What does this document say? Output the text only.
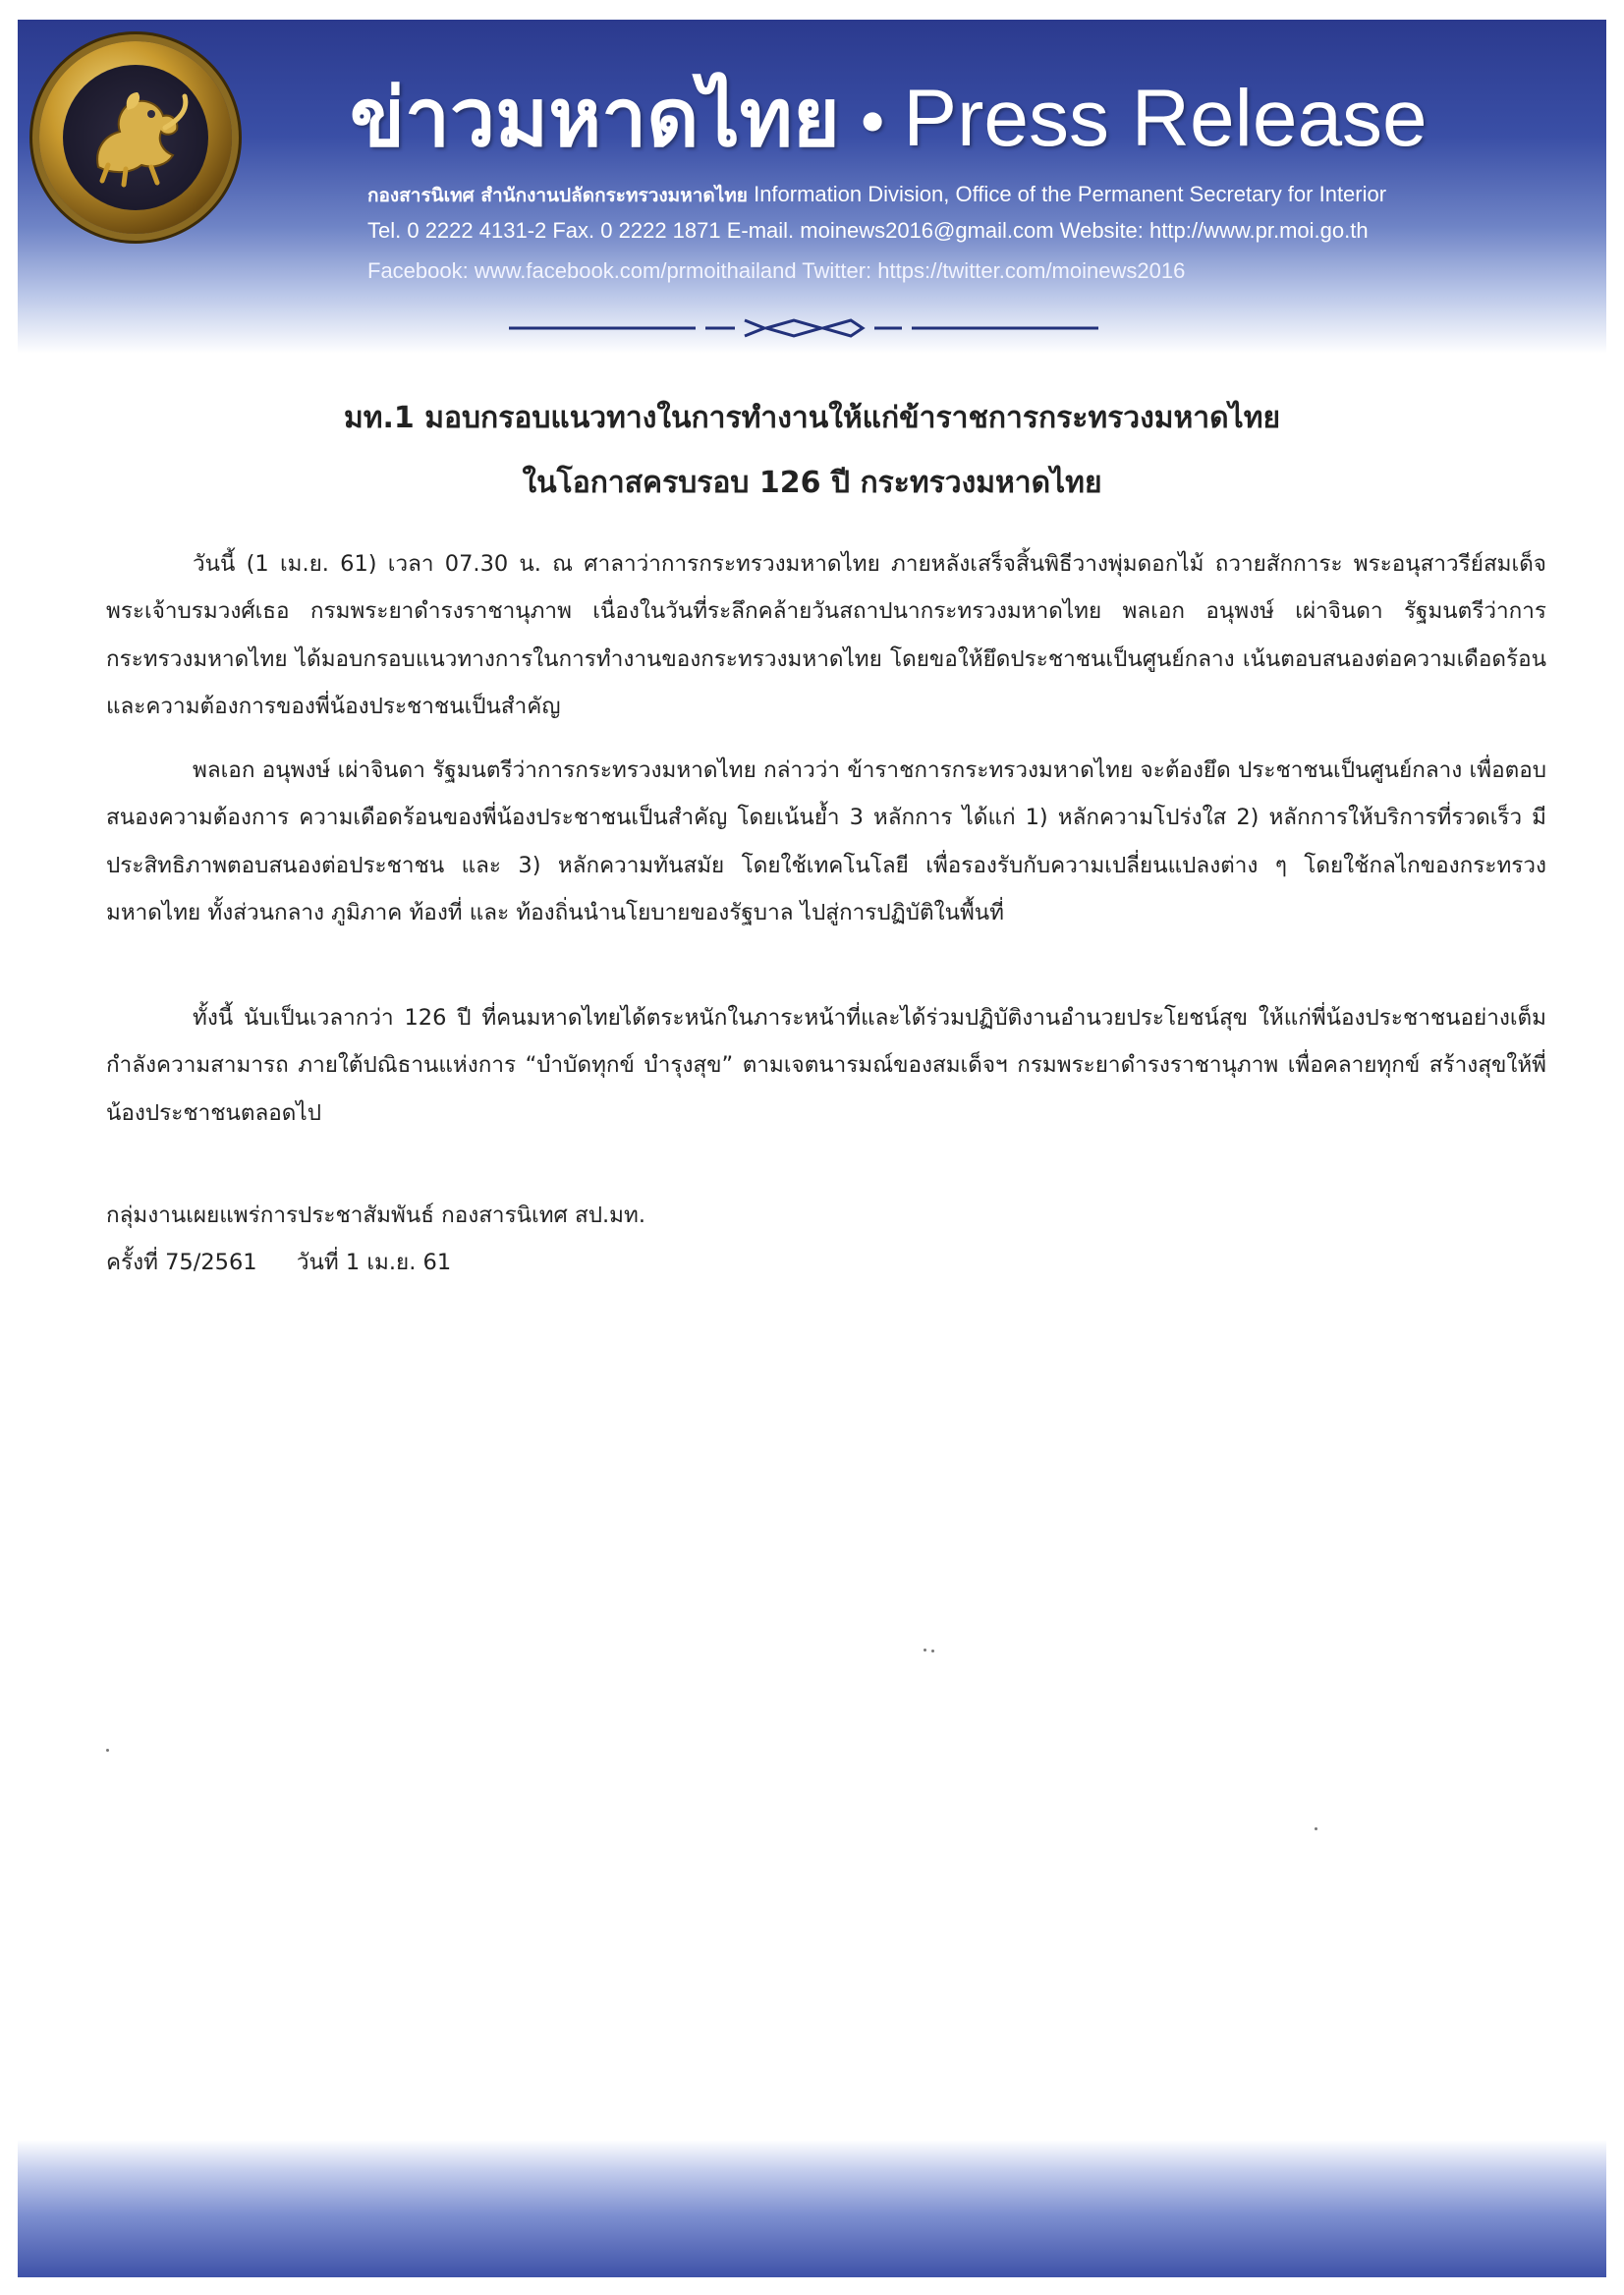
ข่าวมหาดไทย • Press Release
กองสารนิเทศ สำนักงานปลัดกระทรวงมหาดไทย Information Division, Office of the Permanent Secretary for Interior
Tel. 0 2222 4131-2 Fax. 0 2222 1871 E-mail. moinews2016@gmail.com Website: http://www.pr.moi.go.th
Facebook: www.facebook.com/prmoithailand Twitter: https://twitter.com/moinews2016
มท.1 มอบกรอบแนวทางในการทำงานให้แก่ข้าราชการกระทรวงมหาดไทย
ในโอกาสครบรอบ 126 ปี กระทรวงมหาดไทย

วันนี้ (1 เม.ย. 61) เวลา 07.30 น. ณ ศาลาว่าการกระทรวงมหาดไทย ภายหลังเสร็จสิ้นพิธีวางพุ่มดอกไม้ ถวายสักการะ พระอนุสาวรีย์สมเด็จพระเจ้าบรมวงศ์เธอ กรมพระยาดำรงราชานุภาพ เนื่องในวันที่ระลึกคล้ายวันสถาปนากระทรวงมหาดไทย พลเอก อนุพงษ์ เผ่าจินดา รัฐมนตรีว่าการกระทรวงมหาดไทย ได้มอบกรอบแนวทางการในการทำงานของกระทรวงมหาดไทย โดยขอให้ยึดประชาชนเป็นศูนย์กลาง เน้นตอบสนองต่อความเดือดร้อนและความต้องการของพี่น้องประชาชนเป็นสำคัญ

พลเอก อนุพงษ์ เผ่าจินดา รัฐมนตรีว่าการกระทรวงมหาดไทย กล่าวว่า ข้าราชการกระทรวงมหาดไทย จะต้องยึด ประชาชนเป็นศูนย์กลาง เพื่อตอบสนองความต้องการ ความเดือดร้อนของพี่น้องประชาชนเป็นสำคัญ โดยเน้นย้ำ 3 หลักการ ได้แก่ 1) หลักความโปร่งใส 2) หลักการให้บริการที่รวดเร็ว มีประสิทธิภาพตอบสนองต่อประชาชน และ 3) หลักความทันสมัย โดยใช้เทคโนโลยี เพื่อรองรับกับความเปลี่ยนแปลงต่าง ๆ โดยใช้กลไกของกระทรวงมหาดไทย ทั้งส่วนกลาง ภูมิภาค ท้องที่ และ ท้องถิ่นนำนโยบายของรัฐบาล ไปสู่การปฏิบัติในพื้นที่

ทั้งนี้ นับเป็นเวลากว่า 126 ปี ที่คนมหาดไทยได้ตระหนักในภาระหน้าที่และได้ร่วมปฏิบัติงานอำนวยประโยชน์สุข ให้แก่พี่น้องประชาชนอย่างเต็มกำลังความสามารถ ภายใต้ปณิธานแห่งการ “บำบัดทุกข์ บำรุงสุข” ตามเจตนารมณ์ของสมเด็จฯ กรมพระยาดำรงราชานุภาพ เพื่อคลายทุกข์ สร้างสุขให้พี่น้องประชาชนตลอดไป

กลุ่มงานเผยแพร่การประชาสัมพันธ์ กองสารนิเทศ สป.มท.
ครั้งที่ 75/2561 วันที่ 1 เม.ย. 61
